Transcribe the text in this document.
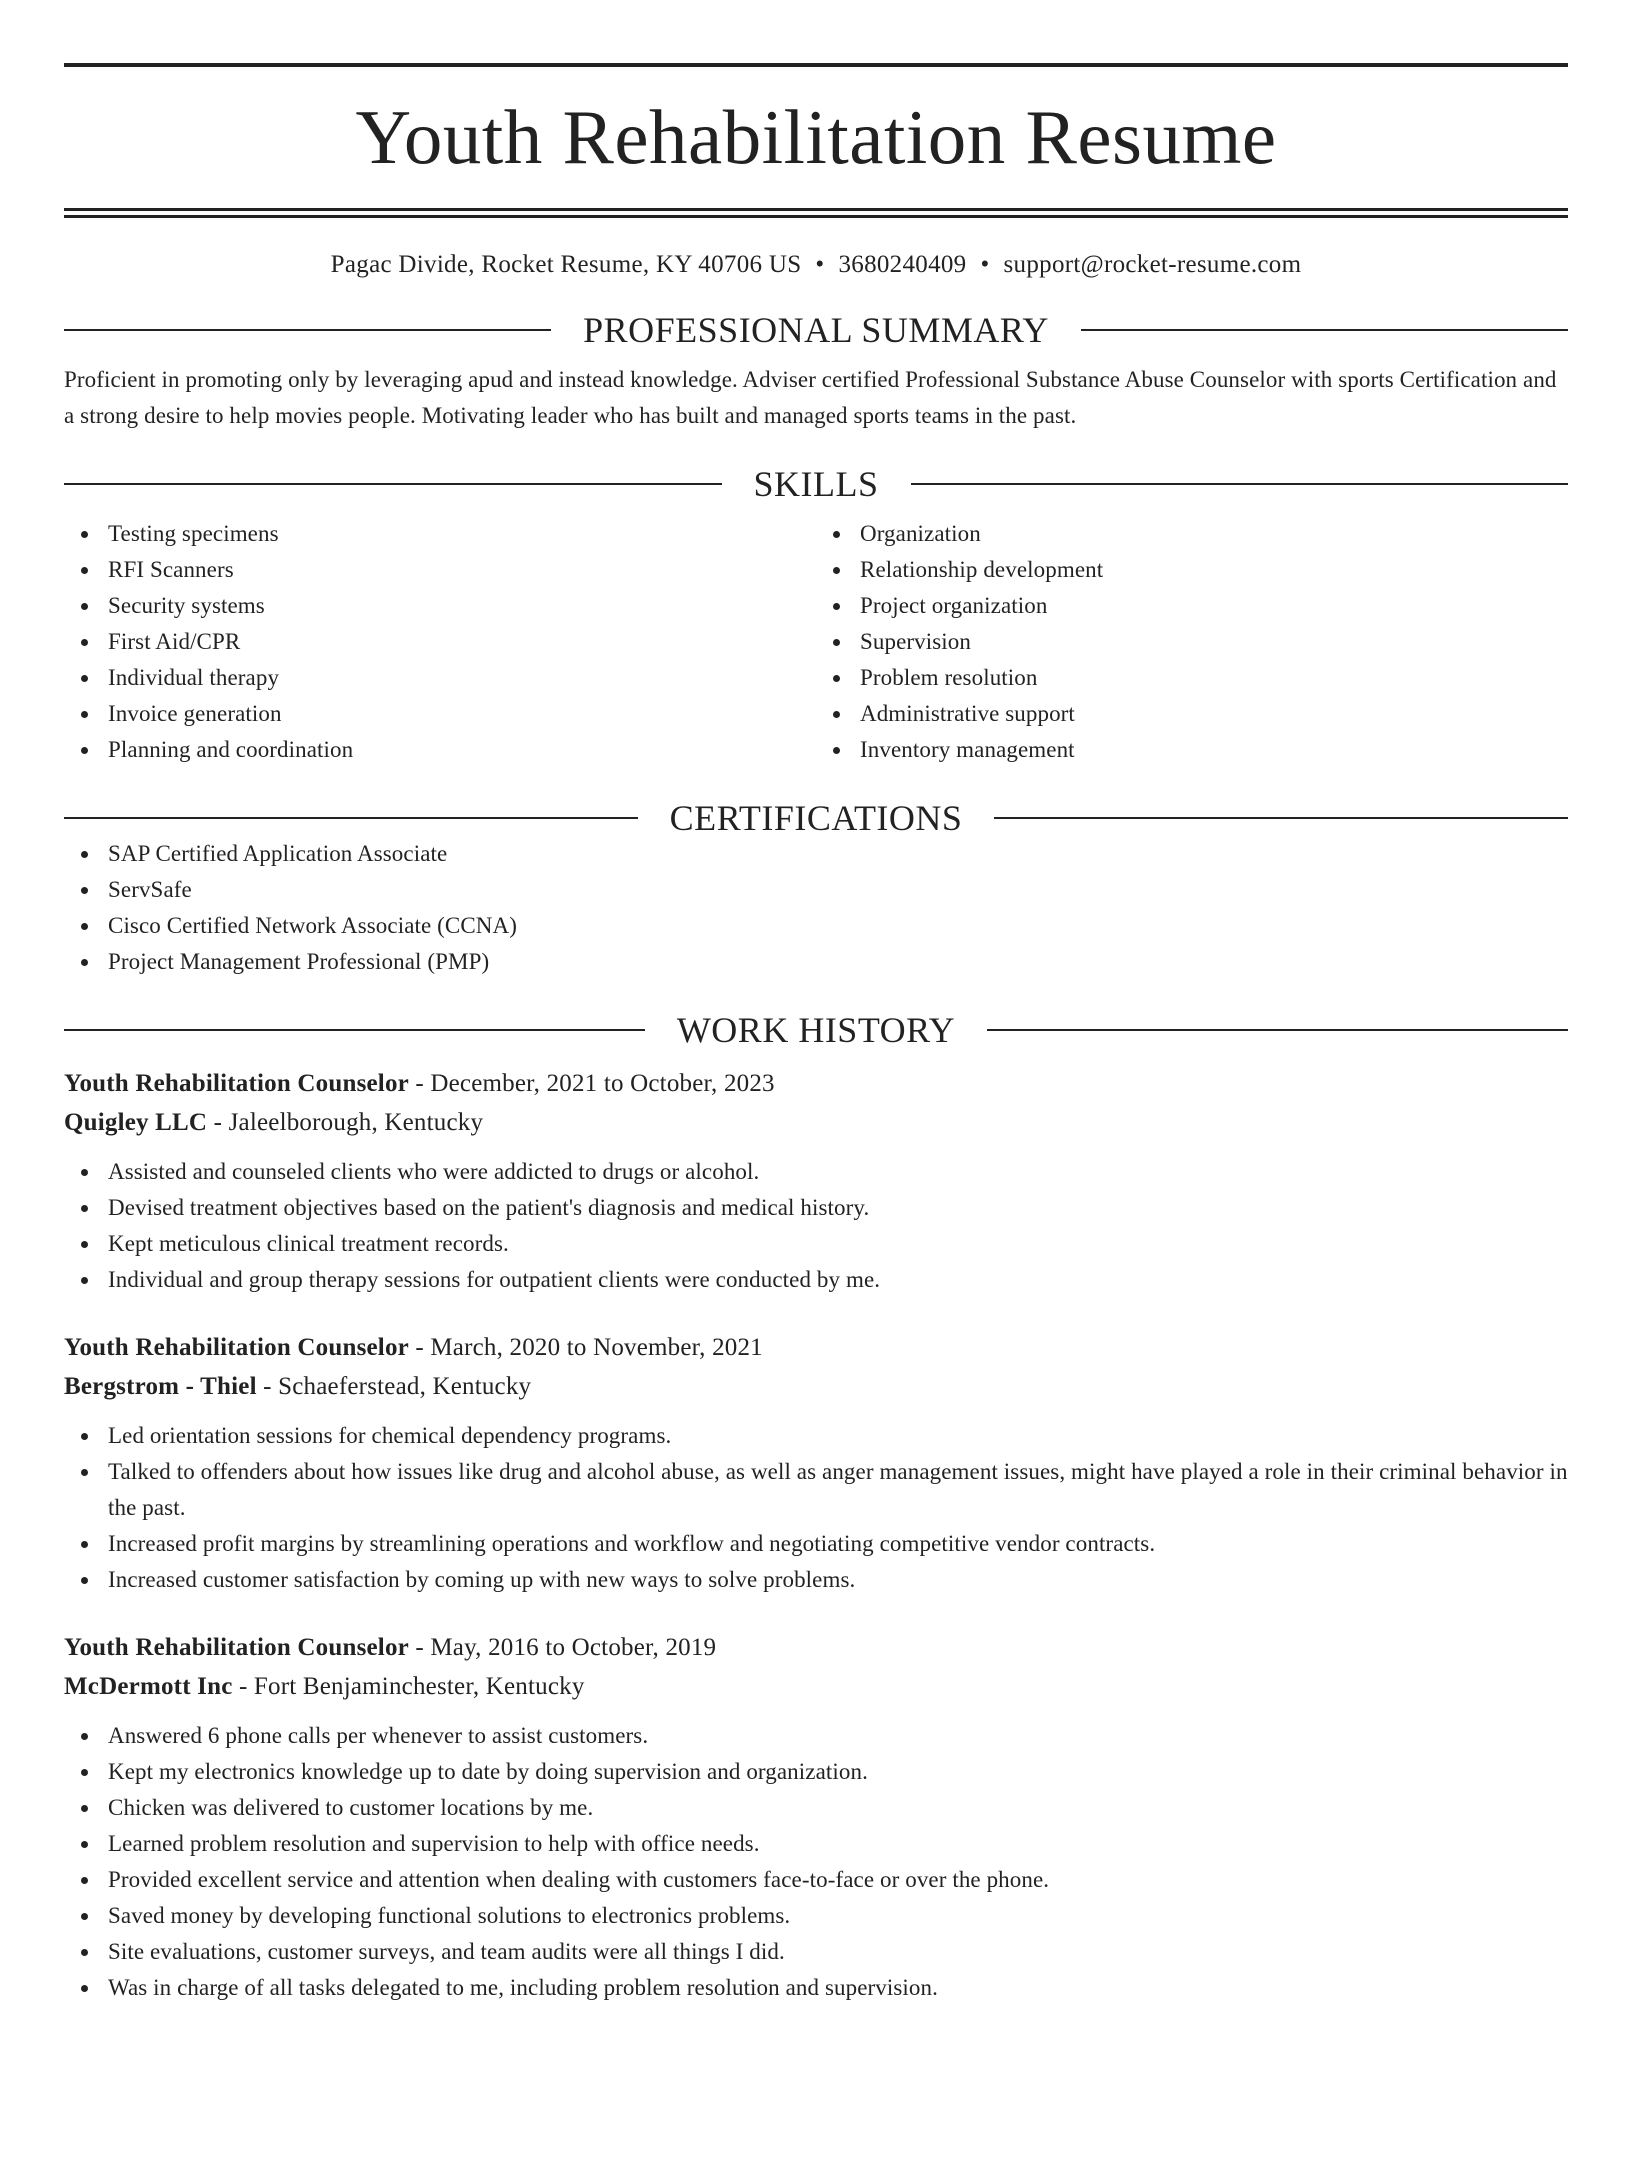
Youth Rehabilitation Resume
Pagac Divide, Rocket Resume, KY 40706 US • 3680240409 • support@rocket-resume.com
PROFESSIONAL SUMMARY
Proficient in promoting only by leveraging apud and instead knowledge. Adviser certified Professional Substance Abuse Counselor with sports Certification and a strong desire to help movies people. Motivating leader who has built and managed sports teams in the past.
SKILLS
Testing specimens
RFI Scanners
Security systems
First Aid/CPR
Individual therapy
Invoice generation
Planning and coordination
Organization
Relationship development
Project organization
Supervision
Problem resolution
Administrative support
Inventory management
CERTIFICATIONS
SAP Certified Application Associate
ServSafe
Cisco Certified Network Associate (CCNA)
Project Management Professional (PMP)
WORK HISTORY
Youth Rehabilitation Counselor - December, 2021 to October, 2023
Quigley LLC - Jaleelborough, Kentucky
Assisted and counseled clients who were addicted to drugs or alcohol.
Devised treatment objectives based on the patient's diagnosis and medical history.
Kept meticulous clinical treatment records.
Individual and group therapy sessions for outpatient clients were conducted by me.
Youth Rehabilitation Counselor - March, 2020 to November, 2021
Bergstrom - Thiel - Schaeferstead, Kentucky
Led orientation sessions for chemical dependency programs.
Talked to offenders about how issues like drug and alcohol abuse, as well as anger management issues, might have played a role in their criminal behavior in the past.
Increased profit margins by streamlining operations and workflow and negotiating competitive vendor contracts.
Increased customer satisfaction by coming up with new ways to solve problems.
Youth Rehabilitation Counselor - May, 2016 to October, 2019
McDermott Inc - Fort Benjaminchester, Kentucky
Answered 6 phone calls per whenever to assist customers.
Kept my electronics knowledge up to date by doing supervision and organization.
Chicken was delivered to customer locations by me.
Learned problem resolution and supervision to help with office needs.
Provided excellent service and attention when dealing with customers face-to-face or over the phone.
Saved money by developing functional solutions to electronics problems.
Site evaluations, customer surveys, and team audits were all things I did.
Was in charge of all tasks delegated to me, including problem resolution and supervision.
